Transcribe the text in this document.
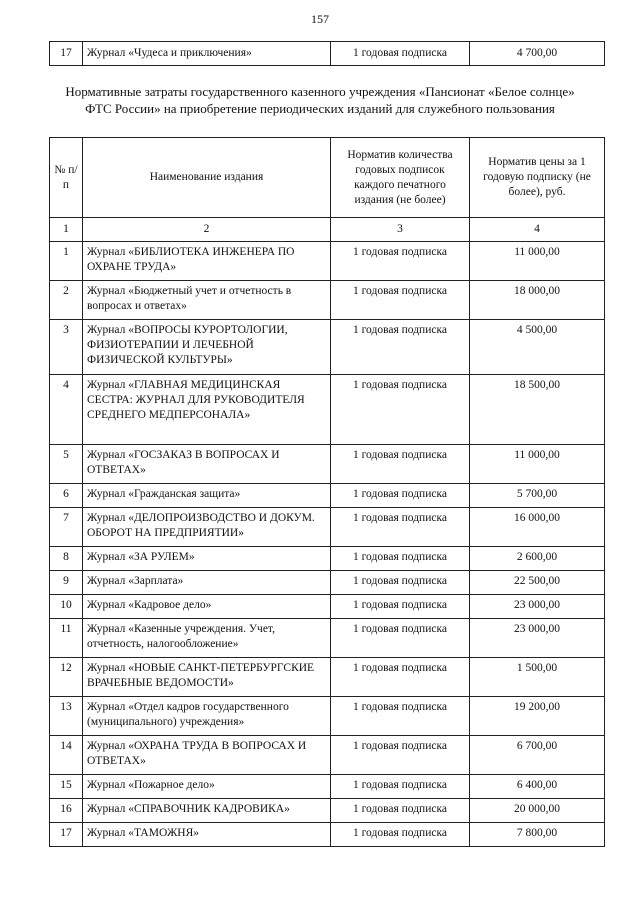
157
17	Журнал «Чудеса и приключения»	1 годовая подписка	4 700,00
Нормативные затраты государственного казенного учреждения «Пансионат «Белое солнце»
ФТС России» на приобретение периодических изданий для служебного пользования
№ п/п	Наименование издания	Норматив количества годовых подписок каждого печатного издания (не более)	Норматив цены за 1 годовую подписку (не более), руб.
1	2	3	4
1	Журнал «БИБЛИОТЕКА ИНЖЕНЕРА ПО ОХРАНЕ ТРУДА»	1 годовая подписка	11 000,00
2	Журнал «Бюджетный учет и отчетность в вопросах и ответах»	1 годовая подписка	18 000,00
3	Журнал «ВОПРОСЫ КУРОРТОЛОГИИ, ФИЗИОТЕРАПИИ И ЛЕЧЕБНОЙ ФИЗИЧЕСКОЙ КУЛЬТУРЫ»	1 годовая подписка	4 500,00
4	Журнал «ГЛАВНАЯ МЕДИЦИНСКАЯ СЕСТРА: ЖУРНАЛ ДЛЯ РУКОВОДИТЕЛЯ СРЕДНЕГО МЕДПЕРСОНАЛА»	1 годовая подписка	18 500,00
5	Журнал «ГОСЗАКАЗ В ВОПРОСАХ И ОТВЕТАХ»	1 годовая подписка	11 000,00
6	Журнал «Гражданская защита»	1 годовая подписка	5 700,00
7	Журнал «ДЕЛОПРОИЗВОДСТВО И ДОКУМ. ОБОРОТ НА ПРЕДПРИЯТИИ»	1 годовая подписка	16 000,00
8	Журнал «ЗА РУЛЕМ»	1 годовая подписка	2 600,00
9	Журнал «Зарплата»	1 годовая подписка	22 500,00
10	Журнал «Кадровое дело»	1 годовая подписка	23 000,00
11	Журнал «Казенные учреждения. Учет, отчетность, налогообложение»	1 годовая подписка	23 000,00
12	Журнал «НОВЫЕ САНКТ-ПЕТЕРБУРГСКИЕ ВРАЧЕБНЫЕ ВЕДОМОСТИ»	1 годовая подписка	1 500,00
13	Журнал «Отдел кадров государственного (муниципального) учреждения»	1 годовая подписка	19 200,00
14	Журнал «ОХРАНА ТРУДА В ВОПРОСАХ И ОТВЕТАХ»	1 годовая подписка	6 700,00
15	Журнал «Пожарное дело»	1 годовая подписка	6 400,00
16	Журнал «СПРАВОЧНИК КАДРОВИКА»	1 годовая подписка	20 000,00
17	Журнал «ТАМОЖНЯ»	1 годовая подписка	7 800,00
